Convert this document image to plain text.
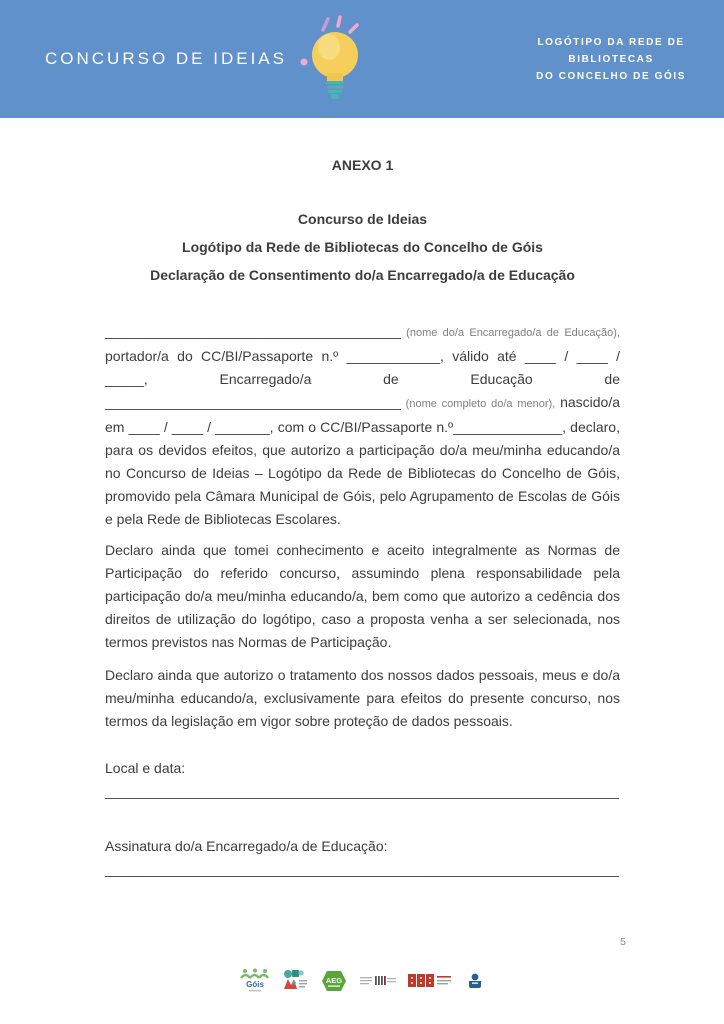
CONCURSO DE IDEIAS
LOGÓTIPO DA REDE DE
BIBLIOTECAS
DO CONCELHO DE GÓIS

ANEXO 1

Concurso de Ideias

Logótipo da Rede de Bibliotecas do Concelho de Góis

Declaração de Consentimento do/a Encarregado/a de Educação

______________________________________ (nome do/a Encarregado/a de Educação), portador/a do CC/BI/Passaporte n.º ____________, válido até ____ / ____ / _____, Encarregado/a de Educação de ______________________________________ (nome completo do/a menor), nascido/a em ____ / ____ / _______, com o CC/BI/Passaporte n.º______________, declaro, para os devidos efeitos, que autorizo a participação do/a meu/minha educando/a no Concurso de Ideias – Logótipo da Rede de Bibliotecas do Concelho de Góis, promovido pela Câmara Municipal de Góis, pelo Agrupamento de Escolas de Góis e pela Rede de Bibliotecas Escolares.

Declaro ainda que tomei conhecimento e aceito integralmente as Normas de Participação do referido concurso, assumindo plena responsabilidade pela participação do/a meu/minha educando/a, bem como que autorizo a cedência dos direitos de utilização do logótipo, caso a proposta venha a ser selecionada, nos termos previstos nas Normas de Participação.

Declaro ainda que autorizo o tratamento dos nossos dados pessoais, meus e do/a meu/minha educando/a, exclusivamente para efeitos do presente concurso, nos termos da legislação em vigor sobre proteção de dados pessoais.

Local e data:

__________________________________________________________________

Assinatura do/a Encarregado/a de Educação:

__________________________________________________________________

5
Góis	AEG
